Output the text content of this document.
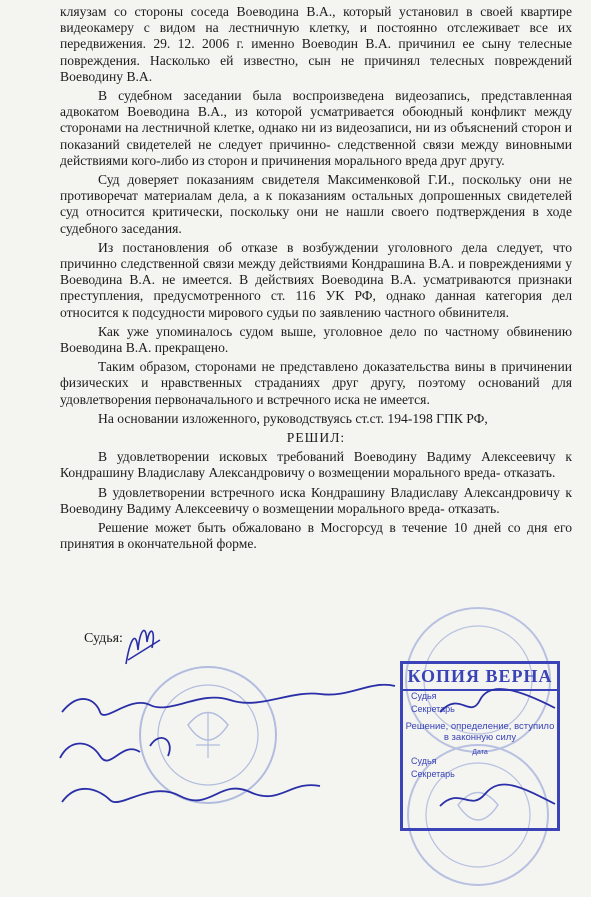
кляузам со стороны соседа Воеводина В.А., который установил в своей квартире видеокамеру с видом на лестничную клетку, и постоянно отслеживает все их передвижения. 29. 12. 2006 г. именно Воеводин В.А. причинил ее сыну телесные повреждения. Насколько ей известно, сын не причинял телесных повреждений Воеводину В.А.

В судебном заседании была воспроизведена видеозапись, представленная адвокатом Воеводина В.А., из которой усматривается обоюдный конфликт между сторонами на лестничной клетке, однако ни из видеозаписи, ни из объяснений сторон и показаний свидетелей не следует причинно- следственной связи между виновными действиями кого-либо из сторон и причинения морального вреда друг другу.

Суд доверяет показаниям свидетеля Максименковой Г.И., поскольку они не противоречат материалам дела, а к показаниям остальных допрошенных свидетелей суд относится критически, поскольку они не нашли своего подтверждения в ходе судебного заседания.

Из постановления об отказе в возбуждении уголовного дела следует, что причинно следственной связи между действиями Кондрашина В.А. и повреждениями у Воеводина В.А. не имеется. В действиях Воеводина В.А. усматриваются признаки преступления, предусмотренного ст. 116 УК РФ, однако данная категория дел относится к подсудности мирового судьи по заявлению частного обвинителя.

Как уже упоминалось судом выше, уголовное дело по частному обвинению Воеводина В.А. прекращено.

Таким образом, сторонами не представлено доказательства вины в причинении физических и нравственных страданиях друг другу, поэтому оснований для удовлетворения первоначального и встречного иска не имеется.

На основании изложенного, руководствуясь ст.ст. 194-198 ГПК РФ,

РЕШИЛ:

В удовлетворении исковых требований Воеводину Вадиму Алексеевичу к Кондрашину Владиславу Александровичу о возмещении морального вреда- отказать.

В удовлетворении встречного иска Кондрашину Владиславу Александровичу к Воеводину Вадиму Алексеевичу о возмещении морального вреда- отказать.

Решение может быть обжаловано в Мосгорсуд в течение 10 дней со дня его принятия в окончательной форме.

Судья:
КОПИЯ ВЕРНА
Судья
Секретарь
Решение, определение, вступило в законную силу
Дата
Судья
Секретарь
